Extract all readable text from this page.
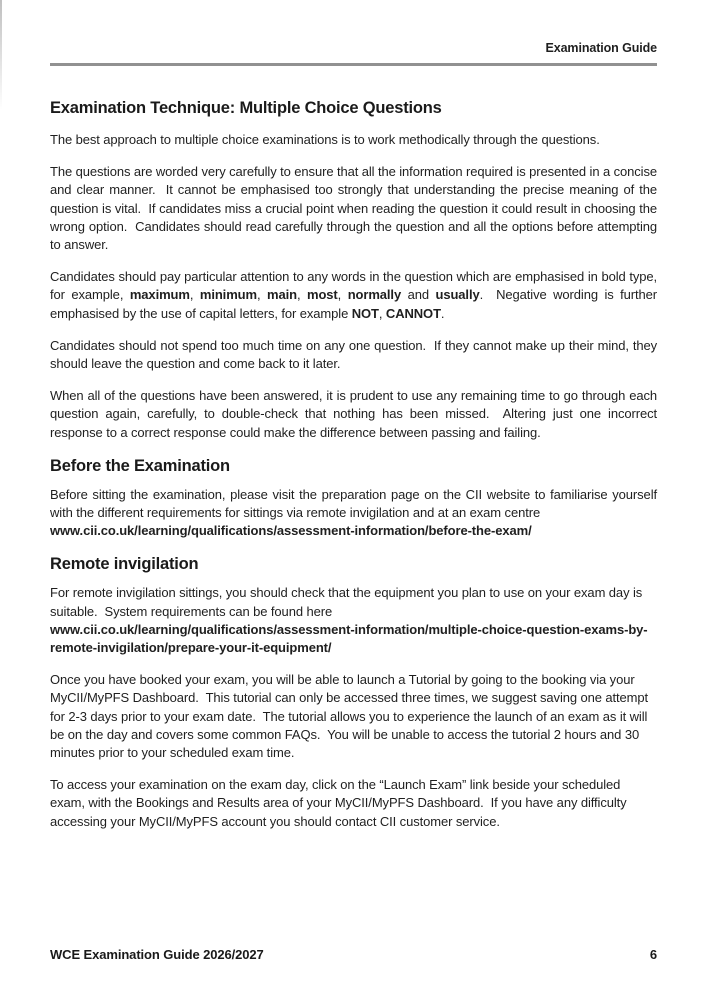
Examination Guide
Examination Technique: Multiple Choice Questions

The best approach to multiple choice examinations is to work methodically through the questions.

The questions are worded very carefully to ensure that all the information required is presented in a concise and clear manner.  It cannot be emphasised too strongly that understanding the precise meaning of the question is vital.  If candidates miss a crucial point when reading the question it could result in choosing the wrong option.  Candidates should read carefully through the question and all the options before attempting to answer.

Candidates should pay particular attention to any words in the question which are emphasised in bold type, for example, maximum, minimum, main, most, normally and usually.  Negative wording is further emphasised by the use of capital letters, for example NOT, CANNOT.

Candidates should not spend too much time on any one question.  If they cannot make up their mind, they should leave the question and come back to it later.

When all of the questions have been answered, it is prudent to use any remaining time to go through each question again, carefully, to double-check that nothing has been missed.  Altering just one incorrect response to a correct response could make the difference between passing and failing.

Before the Examination

Before sitting the examination, please visit the preparation page on the CII website to familiarise yourself with the different requirements for sittings via remote invigilation and at an exam centre
www.cii.co.uk/learning/qualifications/assessment-information/before-the-exam/

Remote invigilation

For remote invigilation sittings, you should check that the equipment you plan to use on your exam day is suitable.  System requirements can be found here
www.cii.co.uk/learning/qualifications/assessment-information/multiple-choice-question-exams-by-remote-invigilation/prepare-your-it-equipment/

Once you have booked your exam, you will be able to launch a Tutorial by going to the booking via your MyCII/MyPFS Dashboard.  This tutorial can only be accessed three times, we suggest saving one attempt for 2-3 days prior to your exam date.  The tutorial allows you to experience the launch of an exam as it will be on the day and covers some common FAQs.  You will be unable to access the tutorial 2 hours and 30 minutes prior to your scheduled exam time.

To access your examination on the exam day, click on the “Launch Exam” link beside your scheduled exam, with the Bookings and Results area of your MyCII/MyPFS Dashboard.  If you have any difficulty accessing your MyCII/MyPFS account you should contact CII customer service.

WCE Examination Guide 2026/2027	6
